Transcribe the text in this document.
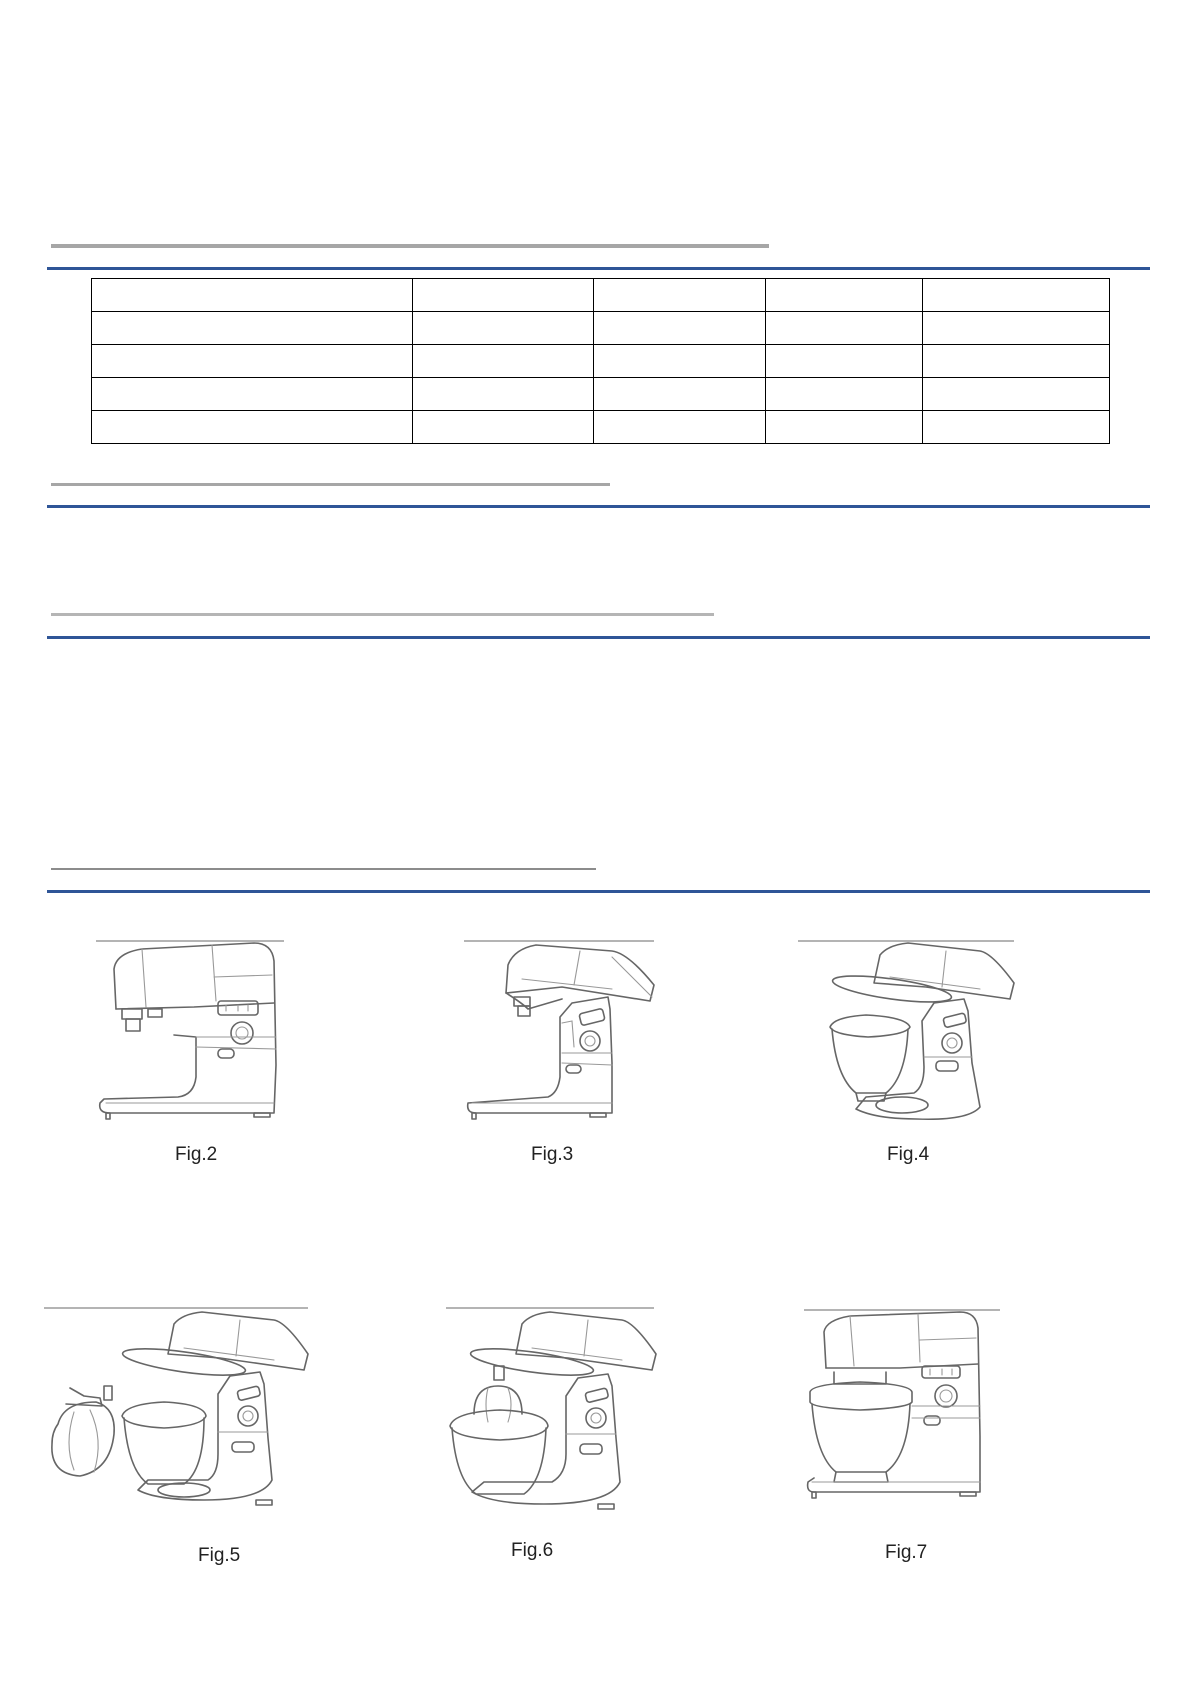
Fig.2	Fig.3	Fig.4
Fig.5	Fig.6	Fig.7
